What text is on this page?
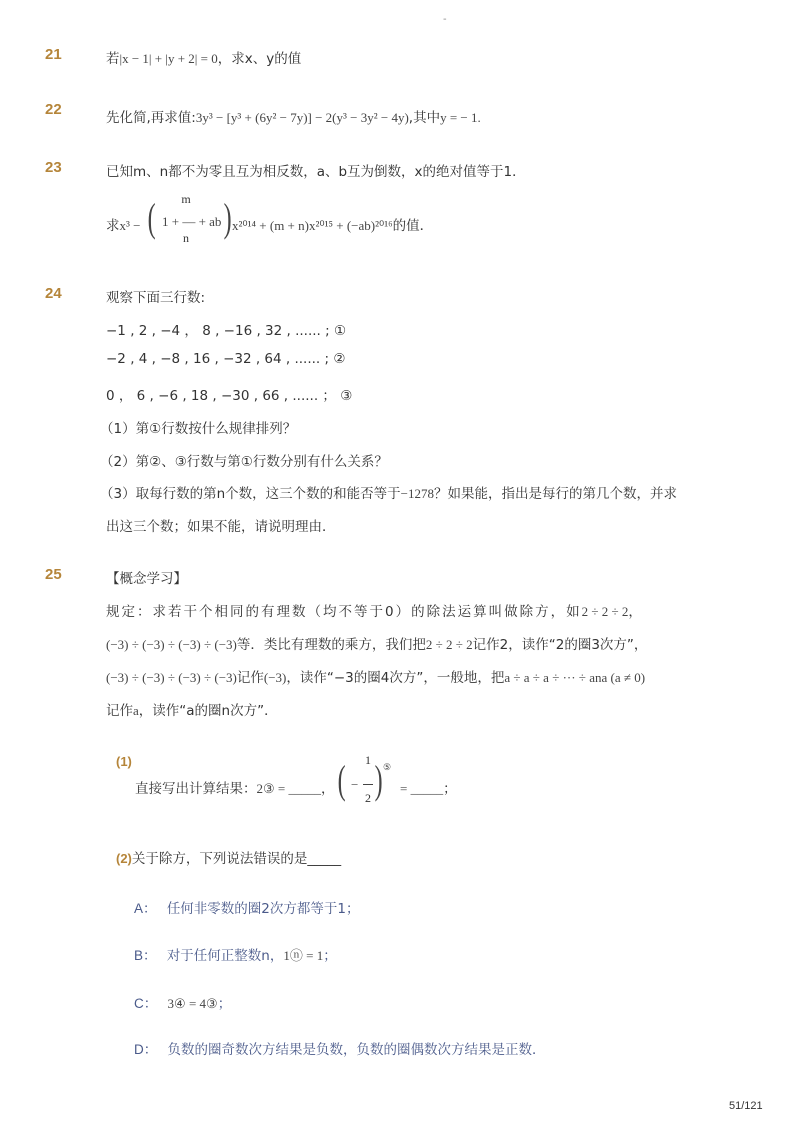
-
21	若|x − 1| + |y + 2| = 0，求x、y的值
22	先化简,再求值:3y³ − [y³ + (6y² − 7y)] − 2(y³ − 3y² − 4y),其中y = − 1.
23	已知m、n都不为零且互为相反数，a、b互为倒数，x的绝对值等于1．
求x³ − ( m
n
1 + — + ab ) x²⁰¹⁴ + (m + n)x²⁰¹⁵ + (−ab)²⁰¹⁶的值．
24	观察下面三行数:
−1 , 2 , −4 ， 8 , −16 , 32 , ...... ; ①
−2 , 4 , −8 , 16 , −32 , 64 , ...... ; ②
0 ， 6 , −6 , 18 , −30 , 66 , ...... ； ③
（1）第①行数按什么规律排列？
（2）第②、③行数与第①行数分别有什么关系？
（3）取每行数的第n个数，这三个数的和能否等于−1278？如果能，指出是每行的第几个数，并求
出这三个数；如果不能，请说明理由．
25	【概念学习】
规定：求若干个相同的有理数（均不等于0）的除法运算叫做除方，如2 ÷ 2 ÷ 2，
(−3) ÷ (−3) ÷ (−3) ÷ (−3)等．类比有理数的乘方，我们把2 ÷ 2 ÷ 2记作2，读作“2的圈3次方”，
(−3) ÷ (−3) ÷ (−3) ÷ (−3)记作(−3)，读作“−3的圈4次方”，一般地，把a ÷ a ÷ a ÷ ··· ÷ ana (a ≠ 0)
记作a，读作“a的圈n次方”．
(1)
直接写出计算结果：2③ = _____， ( −
1
2 ) ⑤
= _____；
(2)关于除方，下列说法错误的是_____
A： 任何非零数的圈2次方都等于1；
B： 对于任何正整数n，1ⓝ = 1；
C： 3④ = 4③；
D： 负数的圈奇数次方结果是负数，负数的圈偶数次方结果是正数．
51/121
